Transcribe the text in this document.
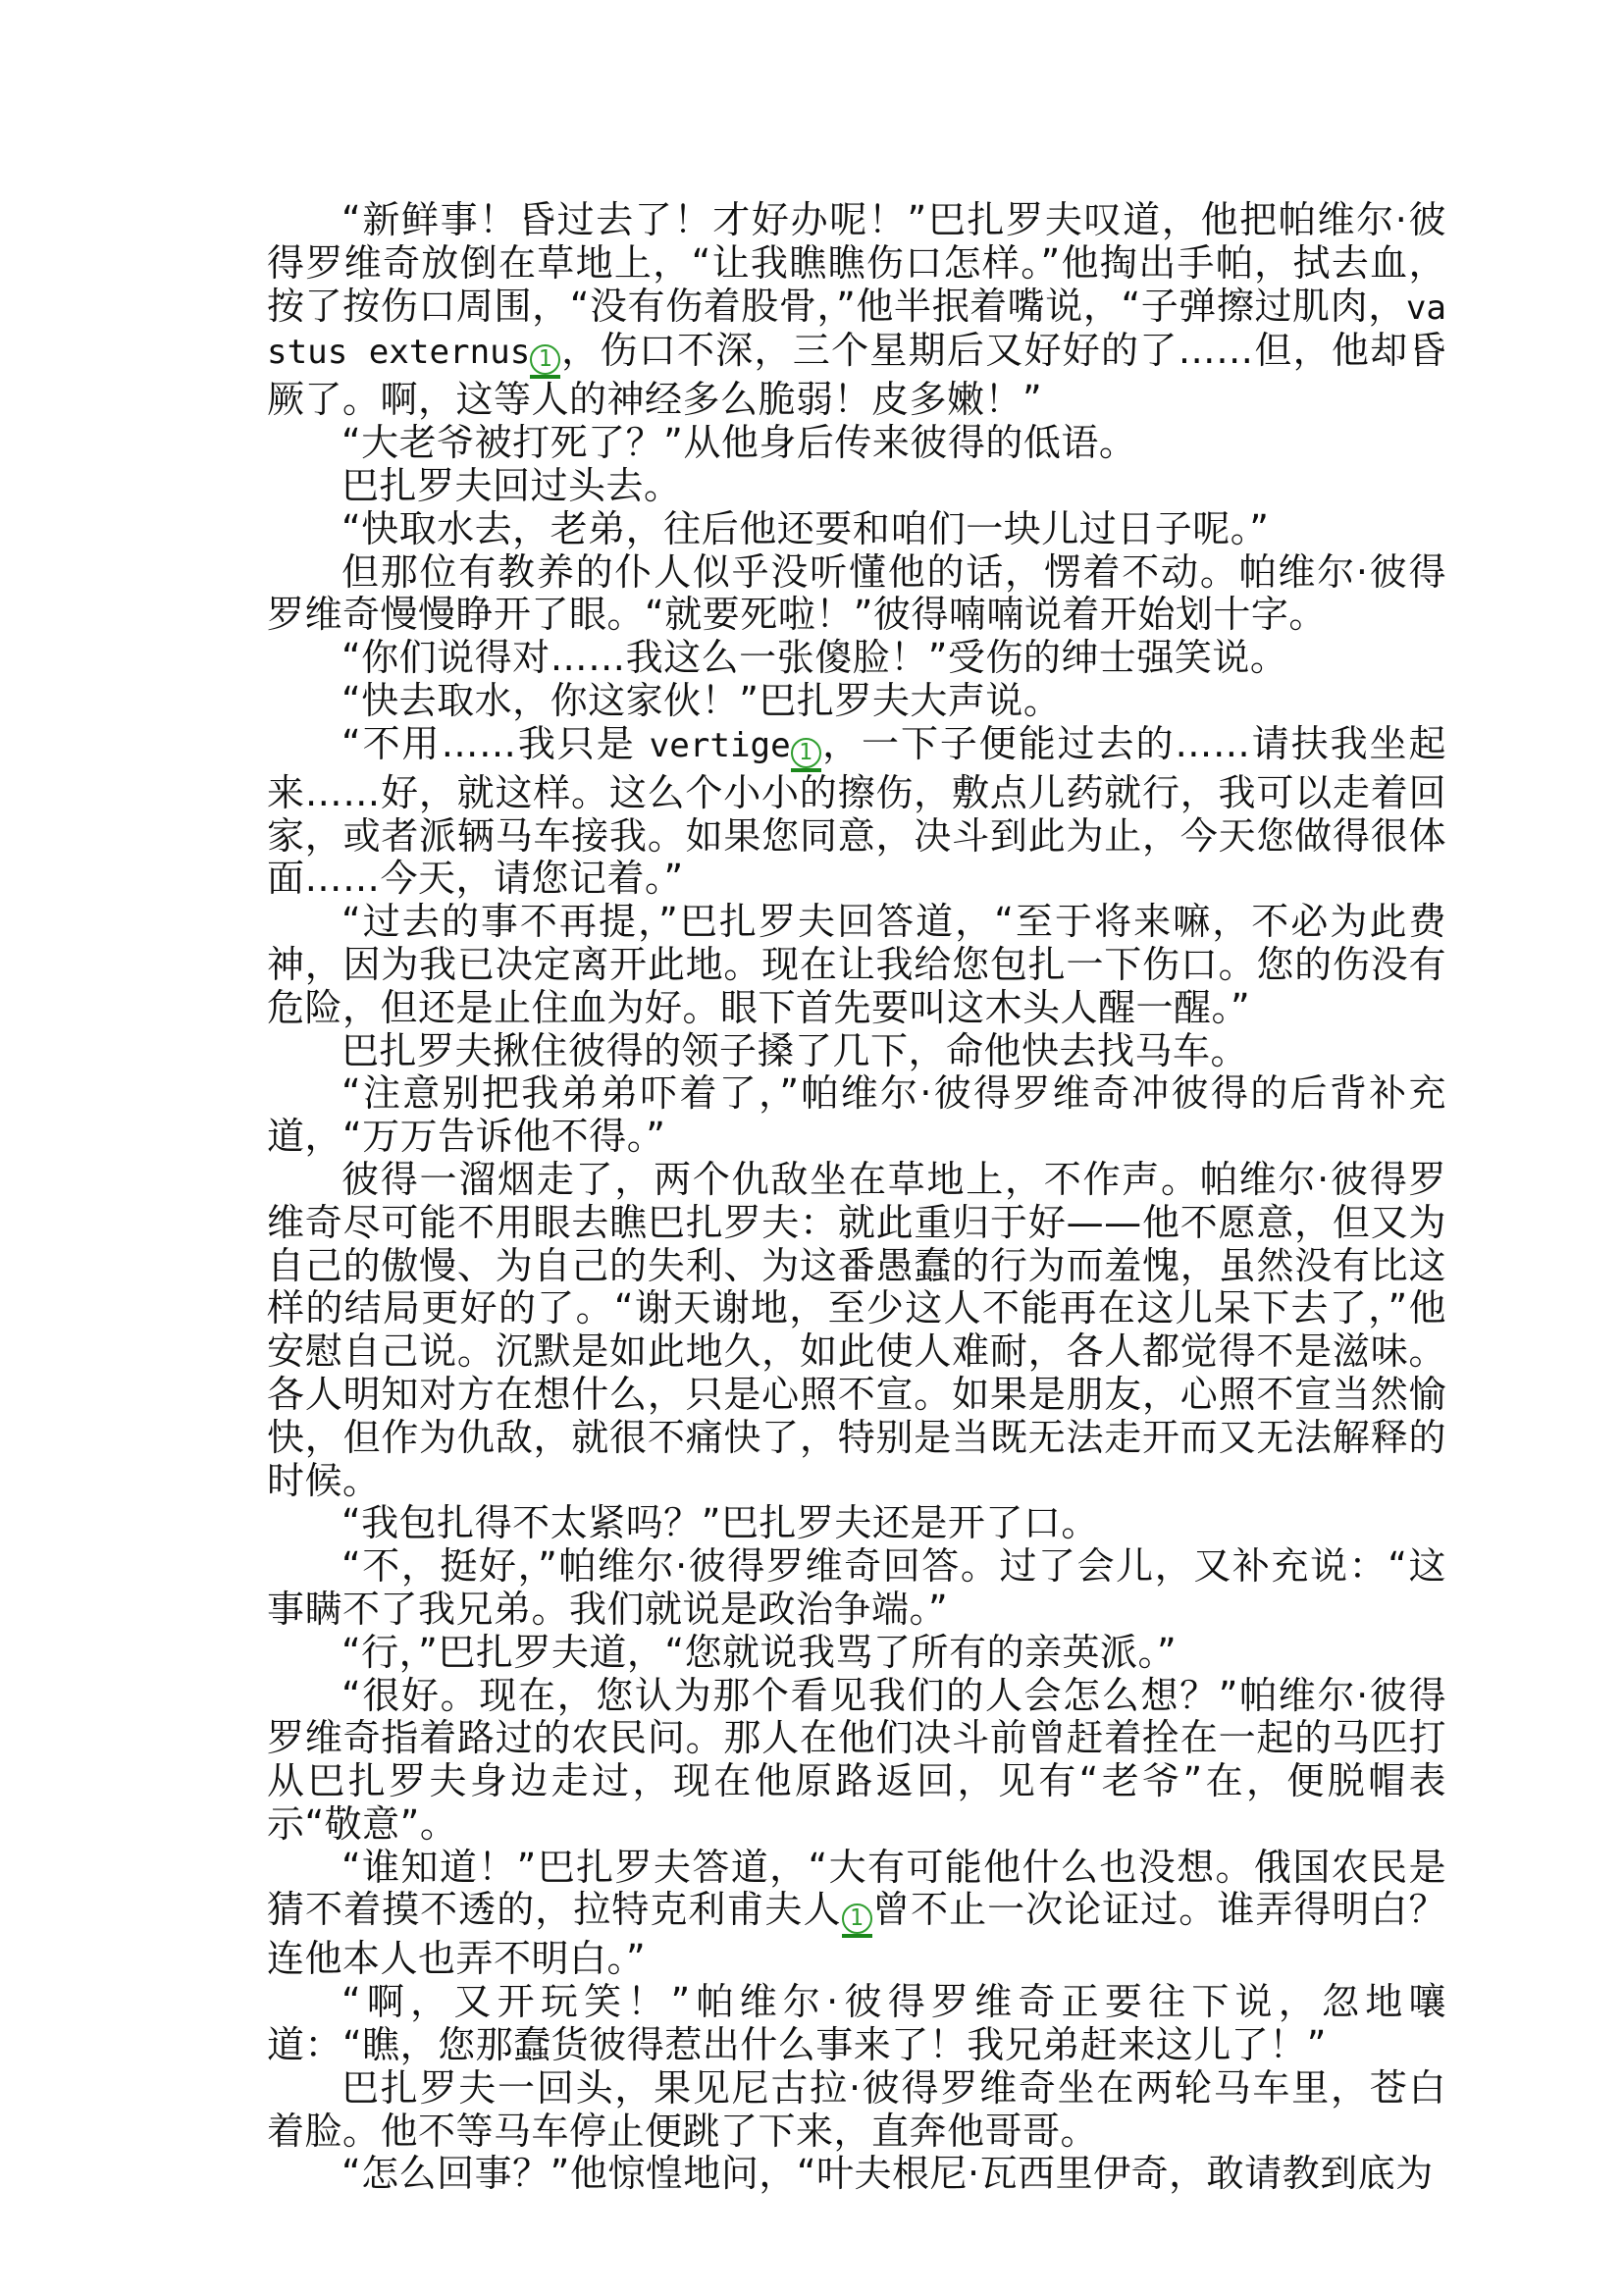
“新鲜事！昏过去了！才好办呢！”巴扎罗夫叹道，他把帕维尔·彼得罗维奇放倒在草地上，“让我瞧瞧伤口怎样。”他掏出手帕，拭去血，按了按伤口周围，“没有伤着股骨，”他半抿着嘴说，“子弹擦过肌肉，vastus externus 1 ，伤口不深，三个星期后又好好的了……但，他却昏厥了。啊，这等人的神经多么脆弱！皮多嫩！”

“大老爷被打死了？”从他身后传来彼得的低语。

巴扎罗夫回过头去。

“快取水去，老弟，往后他还要和咱们一块儿过日子呢。”

但那位有教养的仆人似乎没听懂他的话，愣着不动。帕维尔·彼得罗维奇慢慢睁开了眼。“就要死啦！”彼得喃喃说着开始划十字。

“你们说得对……我这么一张傻脸！”受伤的绅士强笑说。

“快去取水，你这家伙！”巴扎罗夫大声说。

“不用……我只是 vertige 1 ，一下子便能过去的……请扶我坐起来……好，就这样。这么个小小的擦伤，敷点儿药就行，我可以走着回家，或者派辆马车接我。如果您同意，决斗到此为止，今天您做得很体面……今天，请您记着。”

“过去的事不再提，”巴扎罗夫回答道，“至于将来嘛，不必为此费神，因为我已决定离开此地。现在让我给您包扎一下伤口。您的伤没有危险，但还是止住血为好。眼下首先要叫这木头人醒一醒。”

巴扎罗夫揪住彼得的领子搡了几下，命他快去找马车。

“注意别把我弟弟吓着了，”帕维尔·彼得罗维奇冲彼得的后背补充道，“万万告诉他不得。”

彼得一溜烟走了，两个仇敌坐在草地上，不作声。帕维尔·彼得罗维奇尽可能不用眼去瞧巴扎罗夫：就此重归于好——他不愿意，但又为自己的傲慢、为自己的失利、为这番愚蠢的行为而羞愧，虽然没有比这样的结局更好的了。“谢天谢地，至少这人不能再在这儿呆下去了，”他安慰自己说。沉默是如此地久，如此使人难耐，各人都觉得不是滋味。各人明知对方在想什么，只是心照不宣。如果是朋友，心照不宣当然愉快，但作为仇敌，就很不痛快了，特别是当既无法走开而又无法解释的时候。

“我包扎得不太紧吗？”巴扎罗夫还是开了口。

“不，挺好，”帕维尔·彼得罗维奇回答。过了会儿，又补充说：“这事瞒不了我兄弟。我们就说是政治争端。”

“行，”巴扎罗夫道，“您就说我骂了所有的亲英派。”

“很好。现在，您认为那个看见我们的人会怎么想？”帕维尔·彼得罗维奇指着路过的农民问。那人在他们决斗前曾赶着拴在一起的马匹打从巴扎罗夫身边走过，现在他原路返回，见有“老爷”在，便脱帽表示“敬意”。

“谁知道！”巴扎罗夫答道，“大有可能他什么也没想。俄国农民是猜不着摸不透的，拉特克利甫夫人 1 曾不止一次论证过。谁弄得明白？连他本人也弄不明白。”

“啊，又开玩笑！”帕维尔·彼得罗维奇正要往下说，忽地嚷道：“瞧，您那蠢货彼得惹出什么事来了！我兄弟赶来这儿了！”

巴扎罗夫一回头，果见尼古拉·彼得罗维奇坐在两轮马车里，苍白着脸。他不等马车停止便跳了下来，直奔他哥哥。

“怎么回事？”他惊惶地问，“叶夫根尼·瓦西里伊奇，敢请教到底为
